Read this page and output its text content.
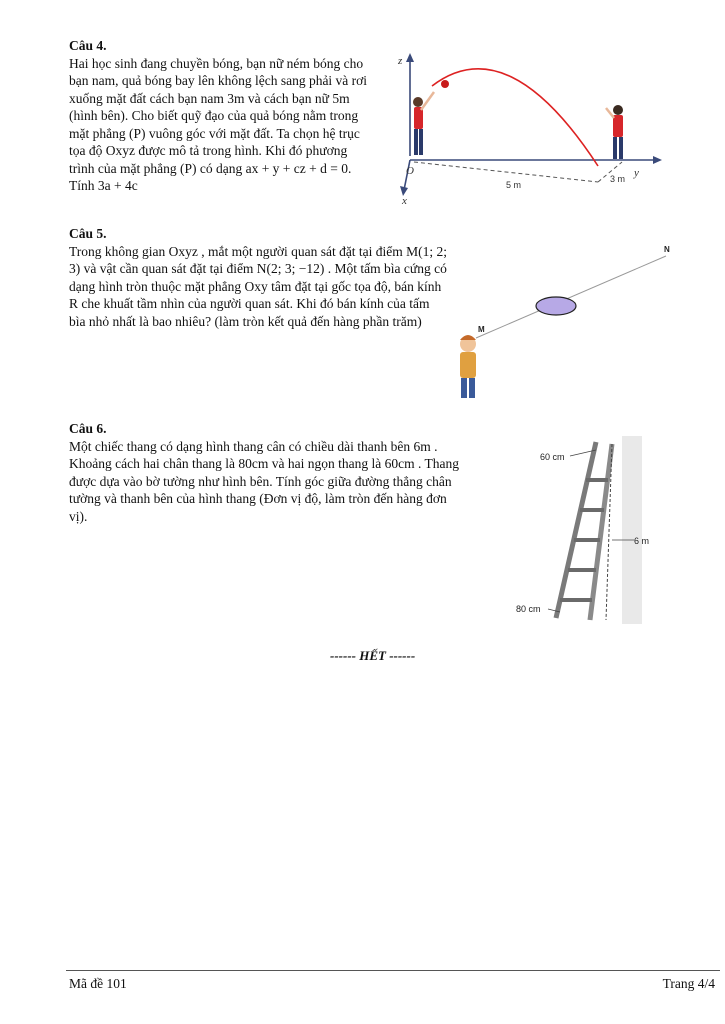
Câu 4.

Hai học sinh đang chuyền bóng, bạn nữ ném bóng cho bạn nam, quả bóng bay lên không lệch sang phải và rơi xuống mặt đất cách bạn nam 3m và cách bạn nữ 5m (hình bên). Cho biết quỹ đạo của quả bóng nằm trong mặt phẳng (P) vuông góc với mặt đất. Ta chọn hệ trục tọa độ Oxyz được mô tả trong hình. Khi đó phương trình của mặt phẳng (P) có dạng ax + y + cz + d = 0. Tính 3a + 4c

z
y
x
O
5 m
3 m
Câu 5.

Trong không gian Oxyz , mắt một người quan sát đặt tại điểm M(1; 2; 3) và vật cần quan sát đặt tại điểm N(2; 3; −12) . Một tấm bìa cứng có dạng hình tròn thuộc mặt phẳng Oxy tâm đặt tại gốc tọa độ, bán kính R che khuất tầm nhìn của người quan sát. Khi đó bán kính của tấm bìa nhỏ nhất là bao nhiêu? (làm tròn kết quả đến hàng phần trăm)

N
M
Câu 6.

Một chiếc thang có dạng hình thang cân có chiều dài thanh bên 6m . Khoảng cách hai chân thang là 80cm và hai ngọn thang là 60cm . Thang được dựa vào bờ tường như hình bên. Tính góc giữa đường thẳng chân tường và thanh bên của hình thang (Đơn vị độ, làm tròn đến hàng đơn vị).

60 cm
6 m
80 cm
------ HẾT ------
Mã đề 101	Trang 4/4
